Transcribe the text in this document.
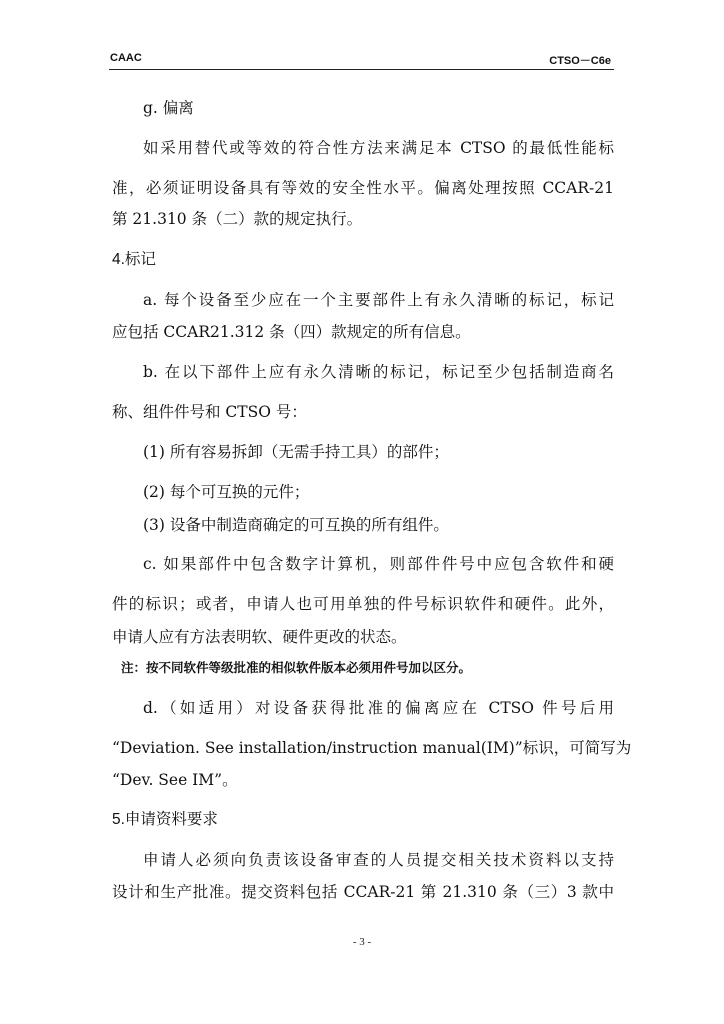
CAAC	CTSO－C6e
g. 偏离
如采用替代或等效的符合性方法来满足本 CTSO 的最低性能标
准，必须证明设备具有等效的安全性水平。偏离处理按照 CCAR-21
第 21.310 条（二）款的规定执行。
4.标记
a. 每个设备至少应在一个主要部件上有永久清晰的标记，标记
应包括 CCAR21.312 条（四）款规定的所有信息。
b. 在以下部件上应有永久清晰的标记，标记至少包括制造商名
称、组件件号和 CTSO 号：
(1) 所有容易拆卸（无需手持工具）的部件；
(2) 每个可互换的元件；
(3) 设备中制造商确定的可互换的所有组件。
c. 如果部件中包含数字计算机，则部件件号中应包含软件和硬
件的标识；或者，申请人也可用单独的件号标识软件和硬件。此外，
申请人应有方法表明软、硬件更改的状态。
注：按不同软件等级批准的相似软件版本必须用件号加以区分。
d.（如适用）对设备获得批准的偏离应在 CTSO 件号后用
“Deviation. See installation/instruction manual(IM)”标识，可简写为
“Dev. See IM”。
5.申请资料要求
申请人必须向负责该设备审查的人员提交相关技术资料以支持
设计和生产批准。提交资料包括 CCAR-21 第 21.310 条（三）3 款中
- 3 -
